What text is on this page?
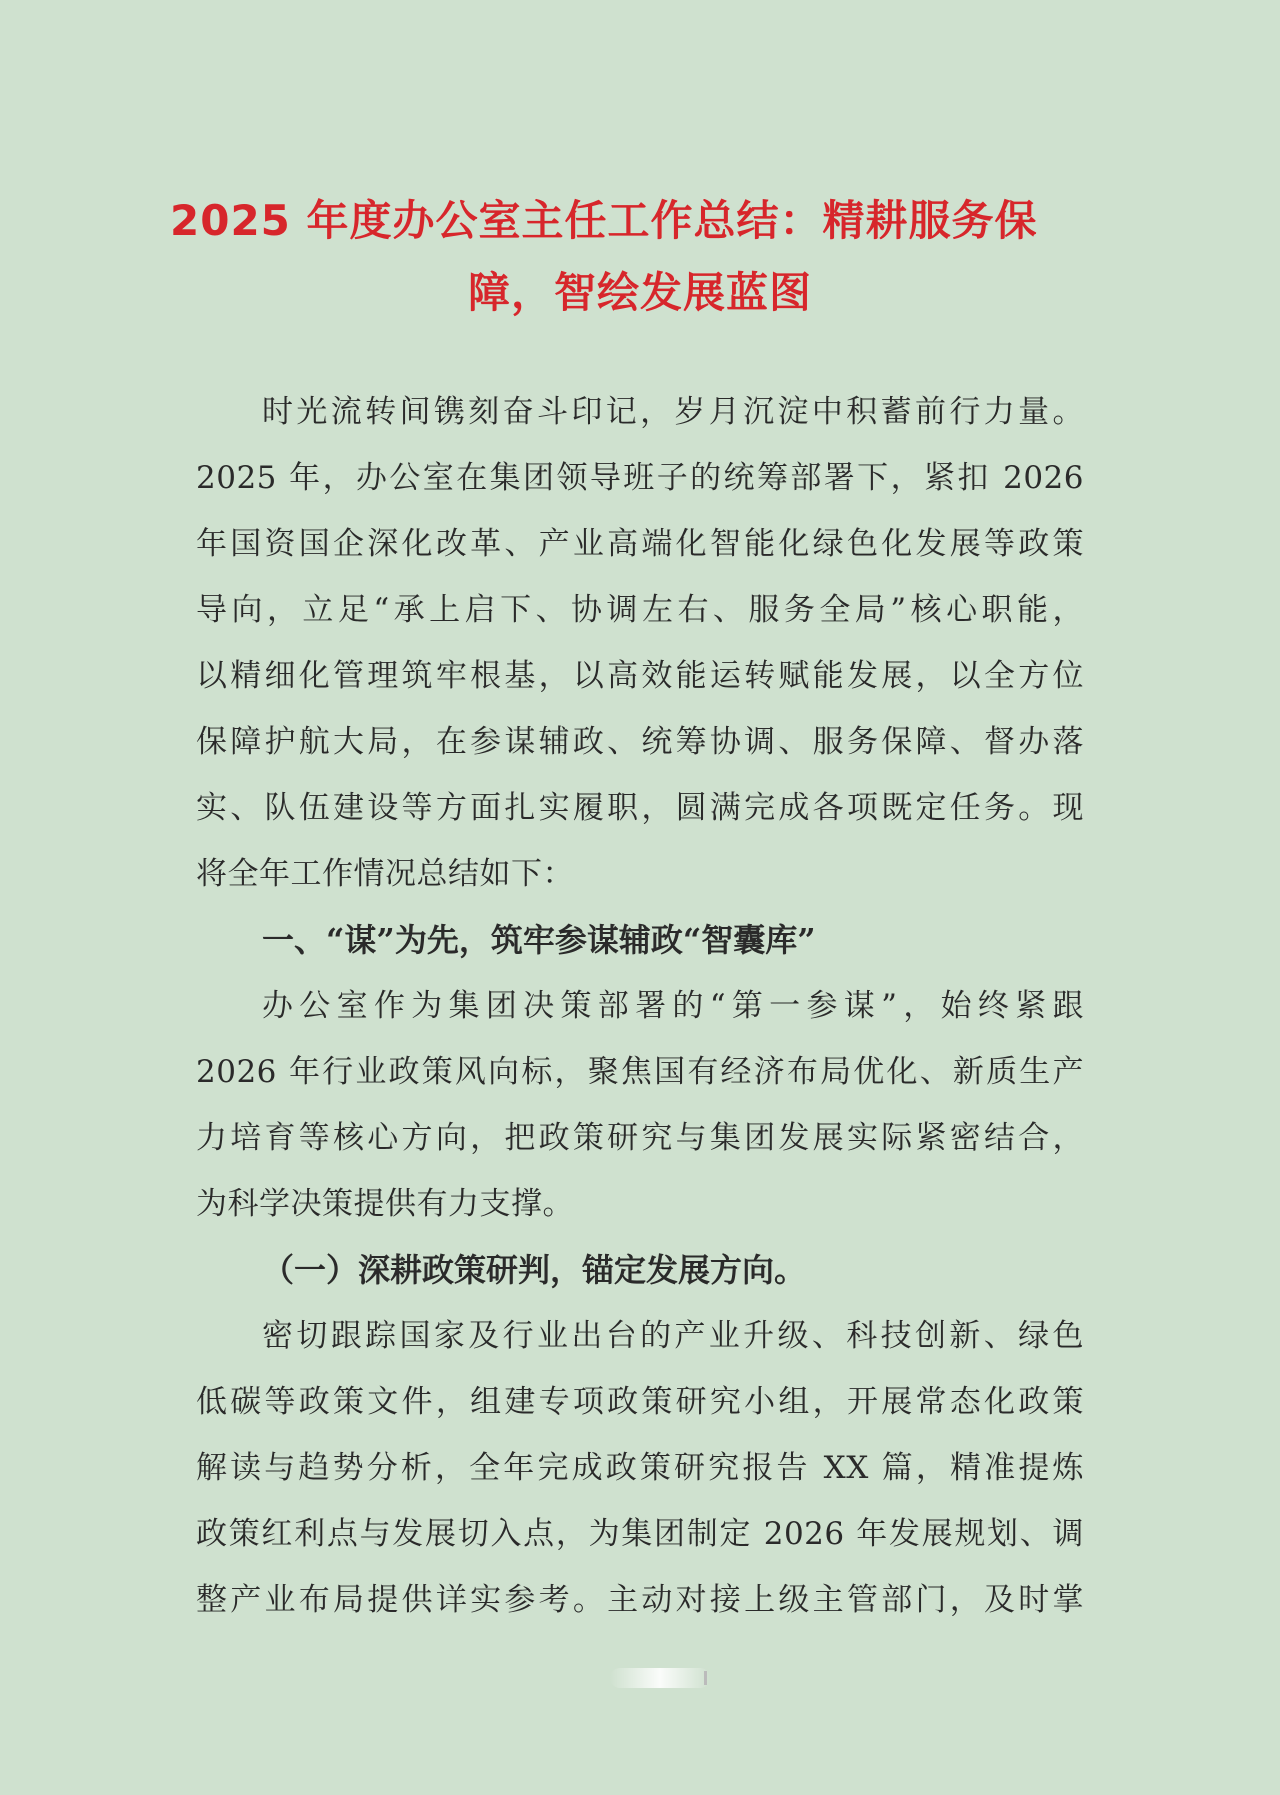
2025 年度办公室主任工作总结：精耕服务保
障，智绘发展蓝图
时光流转间镌刻奋斗印记，岁月沉淀中积蓄前行力量。
2025 年，办公室在集团领导班子的统筹部署下，紧扣 2026
年国资国企深化改革、产业高端化智能化绿色化发展等政策
导向，立足“承上启下、协调左右、服务全局”核心职能，
以精细化管理筑牢根基，以高效能运转赋能发展，以全方位
保障护航大局，在参谋辅政、统筹协调、服务保障、督办落
实、队伍建设等方面扎实履职，圆满完成各项既定任务。现
将全年工作情况总结如下：
一、“谋”为先，筑牢参谋辅政“智囊库”
办公室作为集团决策部署的“第一参谋”，始终紧跟
2026 年行业政策风向标，聚焦国有经济布局优化、新质生产
力培育等核心方向，把政策研究与集团发展实际紧密结合，
为科学决策提供有力支撑。
（一）深耕政策研判，锚定发展方向。
密切跟踪国家及行业出台的产业升级、科技创新、绿色
低碳等政策文件，组建专项政策研究小组，开展常态化政策
解读与趋势分析，全年完成政策研究报告 XX 篇，精准提炼
政策红利点与发展切入点，为集团制定 2026 年发展规划、调
整产业布局提供详实参考。主动对接上级主管部门，及时掌
